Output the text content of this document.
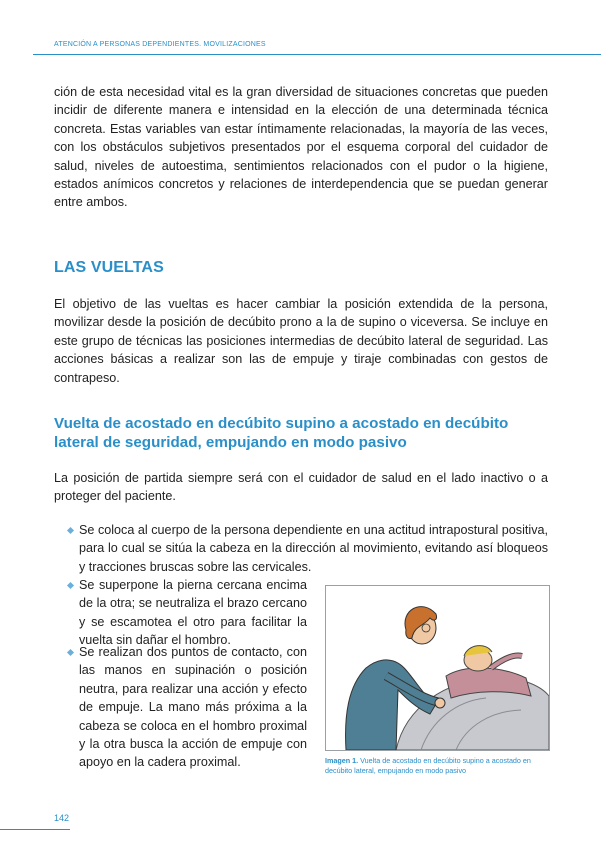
ATENCIÓN A PERSONAS DEPENDIENTES. MOVILIZACIONES

ción de esta necesidad vital es la gran diversidad de situaciones concretas que pueden incidir de diferente manera e intensidad en la elección de una determinada técnica concreta. Estas variables van estar íntimamente relacionadas, la mayoría de las veces, con los obstáculos subjetivos presentados por el esquema corporal del cuidador de salud, niveles de autoestima, sentimientos relacionados con el pudor o la higiene, estados anímicos concretos y relaciones de interdependencia que se puedan generar entre ambos.

LAS VUELTAS

El objetivo de las vueltas es hacer cambiar la posición extendida de la persona, movilizar desde la posición de decúbito prono a la de supino o viceversa. Se incluye en este grupo de técnicas las posiciones intermedias de decúbito lateral de seguridad. Las acciones básicas a realizar son las de empuje y tiraje combinadas con gestos de contrapeso.

Vuelta de acostado en decúbito supino a acostado en decúbito lateral de seguridad, empujando en modo pasivo

La posición de partida siempre será con el cuidador de salud en el lado inactivo o a proteger del paciente.

Se coloca al cuerpo de la persona dependiente en una actitud intrapostural positiva, para lo cual se sitúa la cabeza en la dirección al movimiento, evitando así bloqueos y tracciones bruscas sobre las cervicales.

Se superpone la pierna cercana encima de la otra; se neutraliza el brazo cercano y se escamotea el otro para facilitar la vuelta sin dañar el hombro.

Se realizan dos puntos de contacto, con las manos en supinación o posición neutra, para realizar una acción y efecto de empuje. La mano más próxima a la cabeza se coloca en el hombro proximal y la otra busca la acción de empuje con apoyo en la cadera proximal.	Imagen 1. Vuelta de acostado en decúbito supino a acostado en decúbito lateral, empujando en modo pasivo
142
